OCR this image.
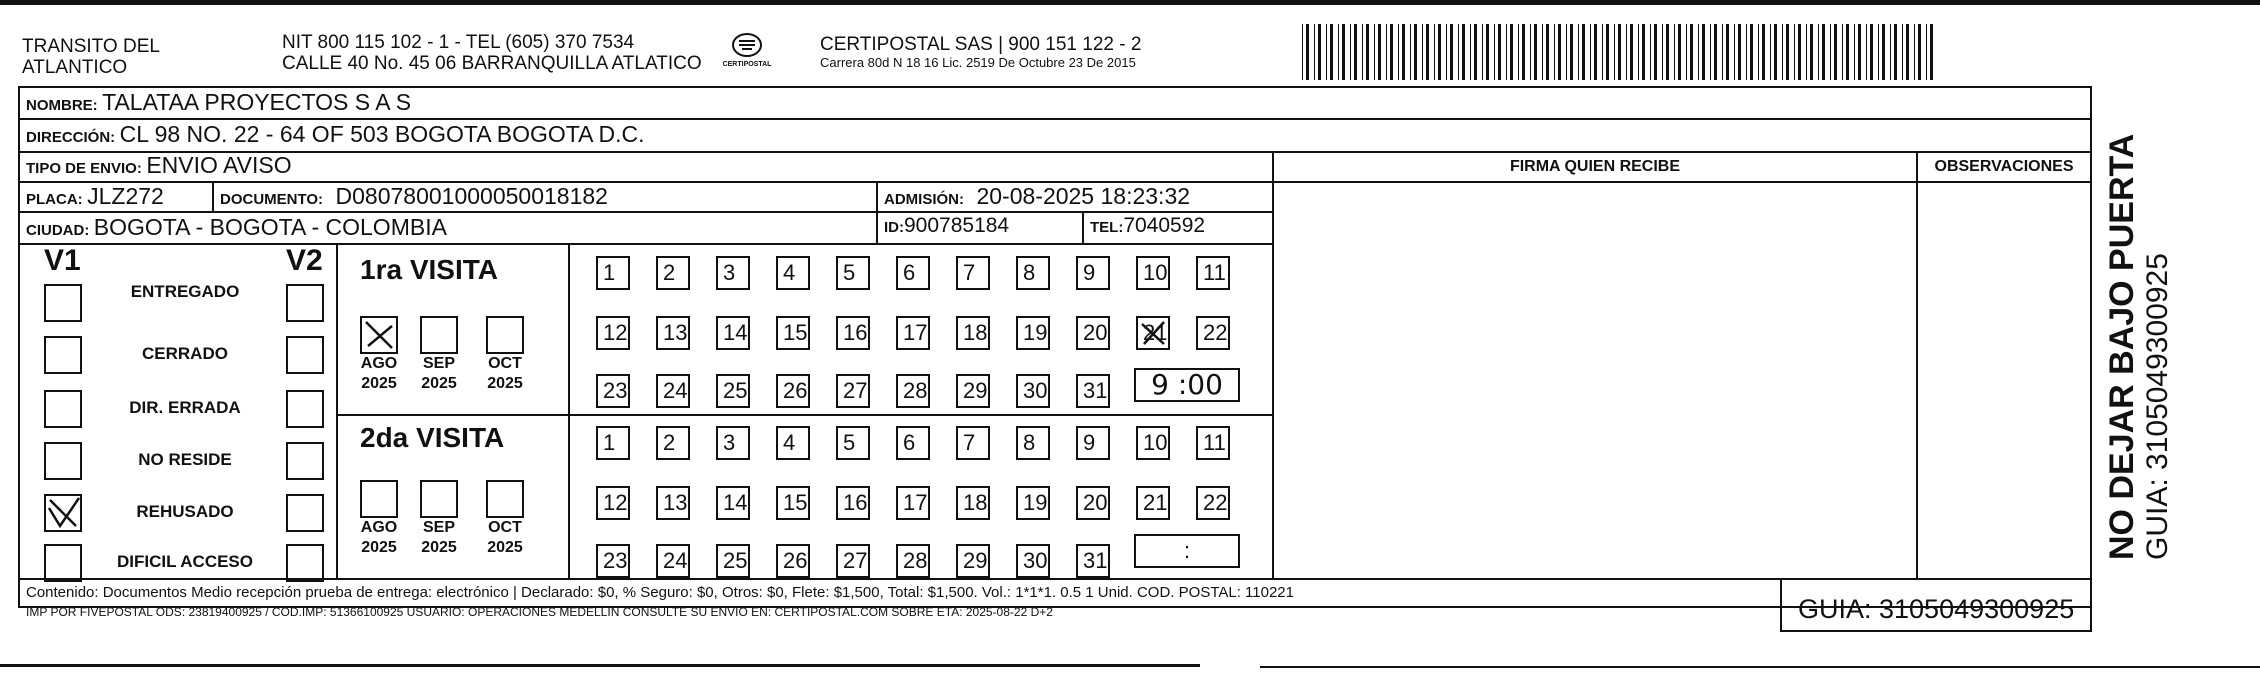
TRANSITO DEL
ATLANTICO
NIT 800 115 102 - 1 - TEL (605) 370 7534
CALLE 40 No. 45 06 BARRANQUILLA ATLATICO	CERTIPOSTAL
CERTIPOSTAL SAS | 900 151 122 - 2
Carrera 80d N 18 16 Lic. 2519 De Octubre 23 De 2015
NOMBRE: TALATAA PROYECTOS S A S
DIRECCIÓN: CL 98 NO. 22 - 64 OF 503 BOGOTA BOGOTA D.C.
TIPO DE ENVIO: ENVIO AVISO
PLACA: JLZ272	DOCUMENTO: D08078001000050018182	ADMISIÓN: 20-08-2025 18:23:32
CIUDAD: BOGOTA - BOGOTA - COLOMBIA	ID:900785184	TEL:7040592
FIRMA QUIEN RECIBE	OBSERVACIONES
V1	V2
ENTREGADO
CERRADO
DIR. ERRADA
NO RESIDE
REHUSADO
DIFICIL ACCESO
1ra VISITA
2da VISITA
AGO
2025
SEP
2025
OCT
2025
AGO
2025
SEP
2025
OCT
2025
1	2	3	4	5	6	7	8	9	10	11
12	13	14	15	16	17	18	19	20	21	22
23	24	25	26	27	28	29	30	31
1	2	3	4	5	6	7	8	9	10	11
12	13	14	15	16	17	18	19	20	21	22
23	24	25	26	27	28	29	30	31
9 :00
:
Contenido: Documentos Medio recepción prueba de entrega: electrónico | Declarado: $0, % Seguro: $0, Otros: $0, Flete: $1,500, Total: $1,500. Vol.: 1*1*1. 0.5 1 Unid. COD. POSTAL: 110221
IMP POR FIVEPOSTAL ODS: 23819400925 / COD.IMP: 51366100925 USUARIO: OPERACIONES MEDELLIN CONSULTE SU ENVIO EN: CERTIPOSTAL.COM SOBRE ETA: 2025-08-22 D+2	GUIA: 3105049300925
NO DEJAR BAJO PUERTA GUIA: 3105049300925
